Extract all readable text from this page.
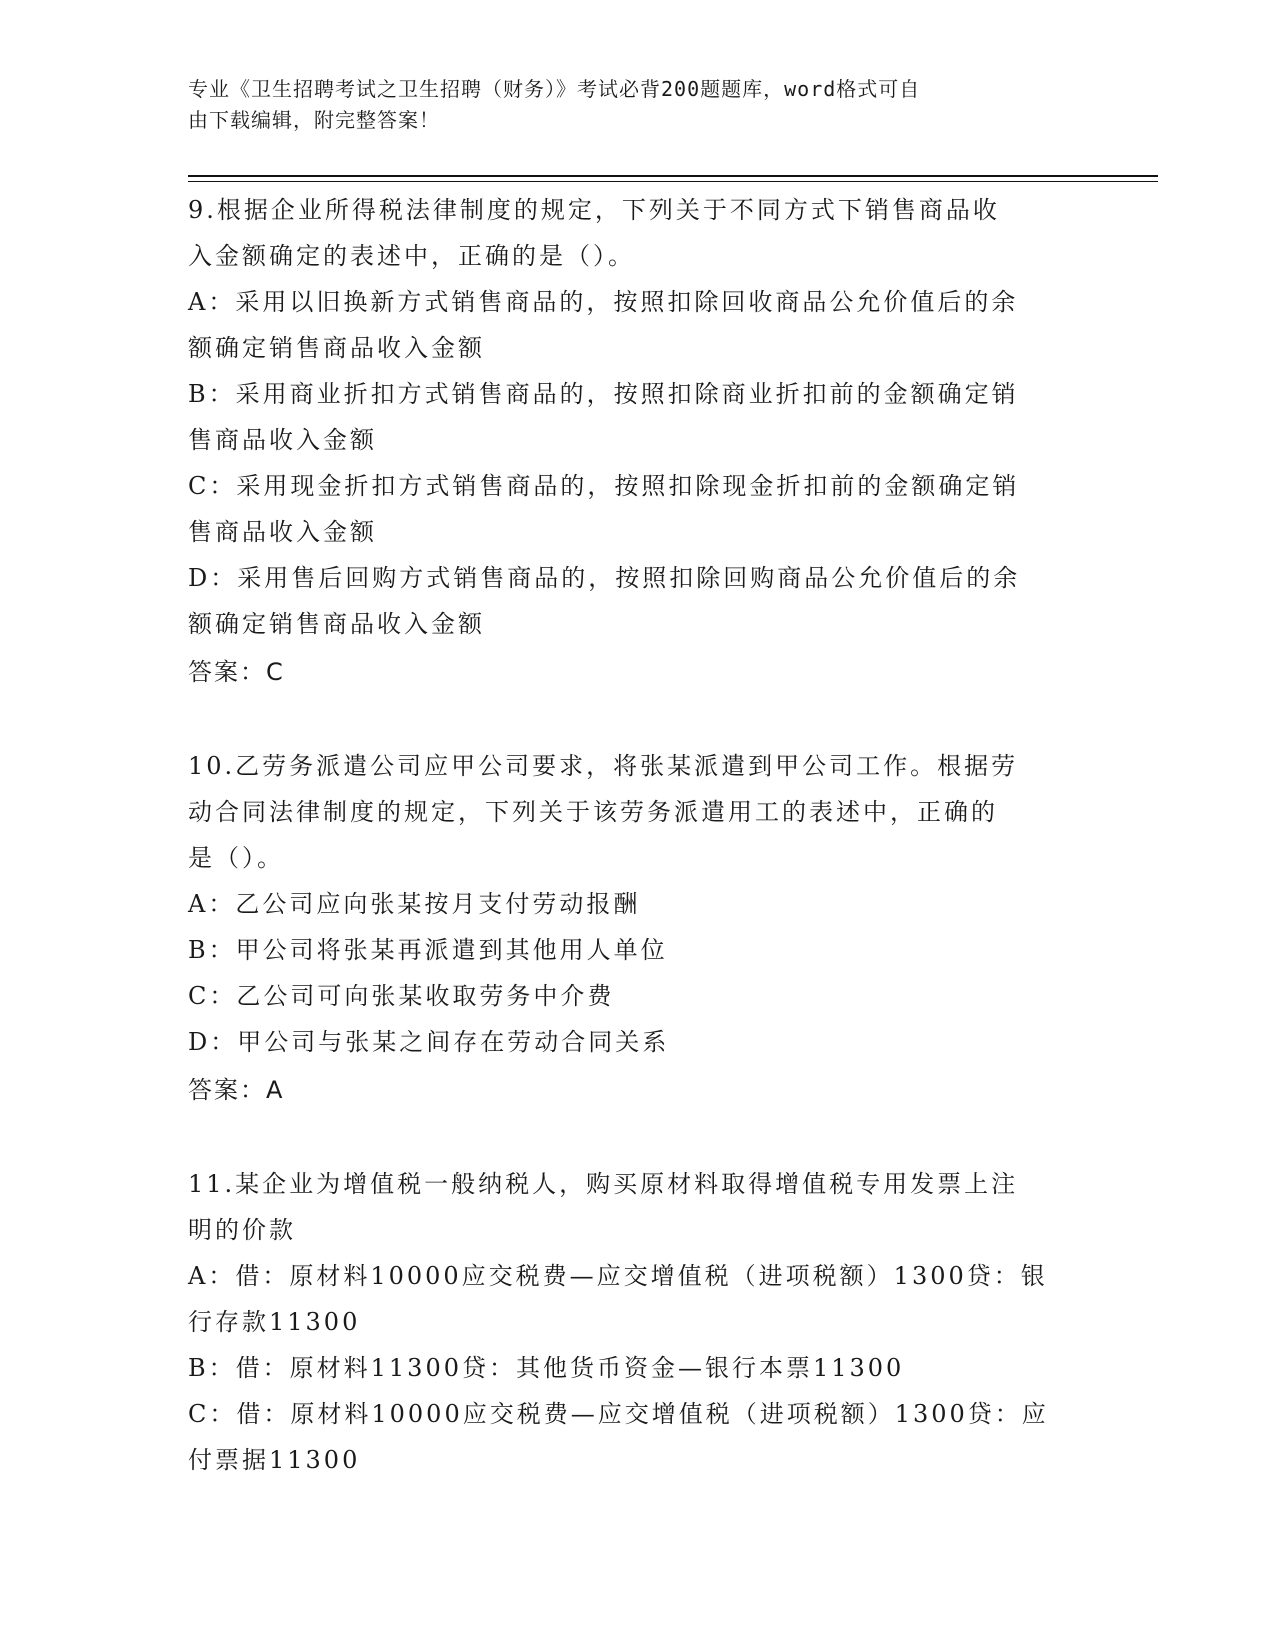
专业《卫生招聘考试之卫生招聘（财务）》考试必背200题题库，word格式可自
由下载编辑，附完整答案！
9.根据企业所得税法律制度的规定，下列关于不同方式下销售商品收
入金额确定的表述中，正确的是（）。
A：采用以旧换新方式销售商品的，按照扣除回收商品公允价值后的余
额确定销售商品收入金额
B：采用商业折扣方式销售商品的，按照扣除商业折扣前的金额确定销
售商品收入金额
C：采用现金折扣方式销售商品的，按照扣除现金折扣前的金额确定销
售商品收入金额
D：采用售后回购方式销售商品的，按照扣除回购商品公允价值后的余
额确定销售商品收入金额
答案：C
10.乙劳务派遣公司应甲公司要求，将张某派遣到甲公司工作。根据劳
动合同法律制度的规定，下列关于该劳务派遣用工的表述中，正确的
是（）。
A：乙公司应向张某按月支付劳动报酬
B：甲公司将张某再派遣到其他用人单位
C：乙公司可向张某收取劳务中介费
D：甲公司与张某之间存在劳动合同关系
答案：A
11.某企业为增值税一般纳税人，购买原材料取得增值税专用发票上注
明的价款
A：借：原材料10000应交税费—应交增值税（进项税额）1300贷：银
行存款11300
B：借：原材料11300贷：其他货币资金—银行本票11300
C：借：原材料10000应交税费—应交增值税（进项税额）1300贷：应
付票据11300
